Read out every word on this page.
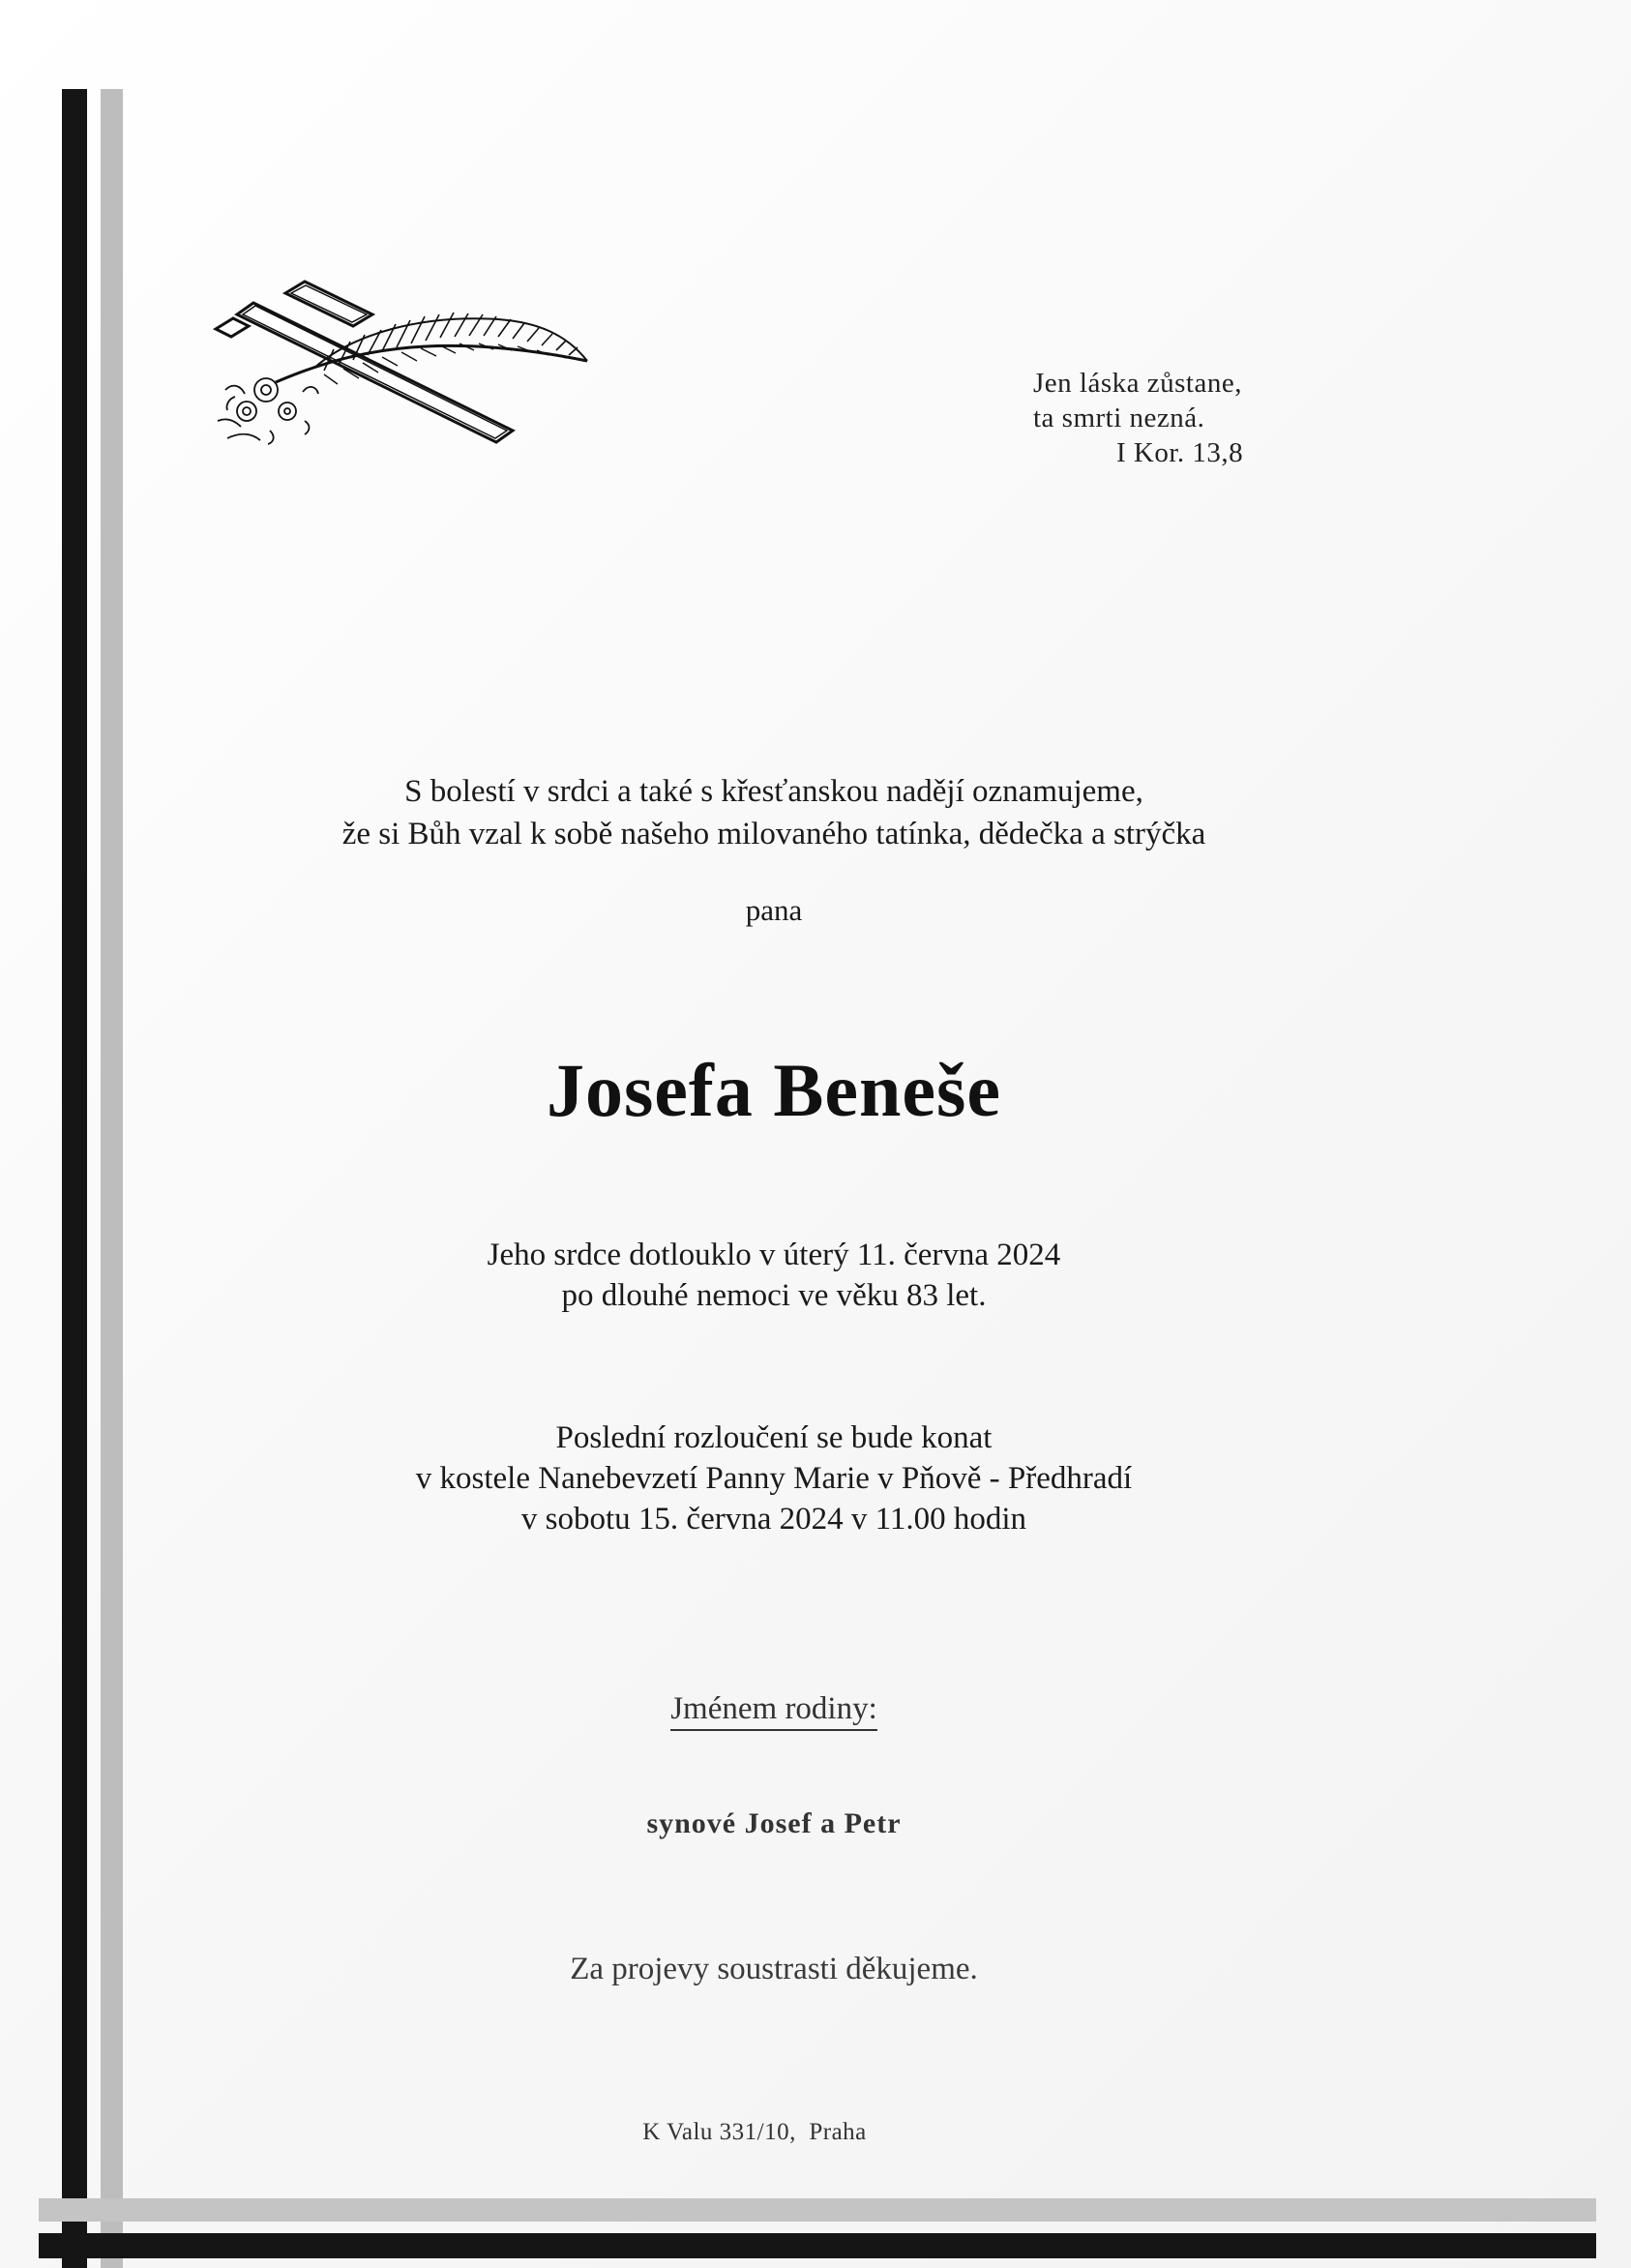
Jen láska zůstane,
ta smrti nezná.
I Kor. 13,8
S bolestí v srdci a také s křesťanskou nadějí oznamujeme,
že si Bůh vzal k sobě našeho milovaného tatínka, dědečka a strýčka
pana
Josefa Beneše
Jeho srdce dotlouklo v úterý 11. června 2024
po dlouhé nemoci ve věku 83 let.
Poslední rozloučení se bude konat
v kostele Nanebevzetí Panny Marie v Pňově - Předhradí
v sobotu 15. června 2024 v 11.00 hodin
Jménem rodiny:
synové Josef a Petr
Za projevy soustrasti děkujeme.
K Valu 331/10,  Praha
